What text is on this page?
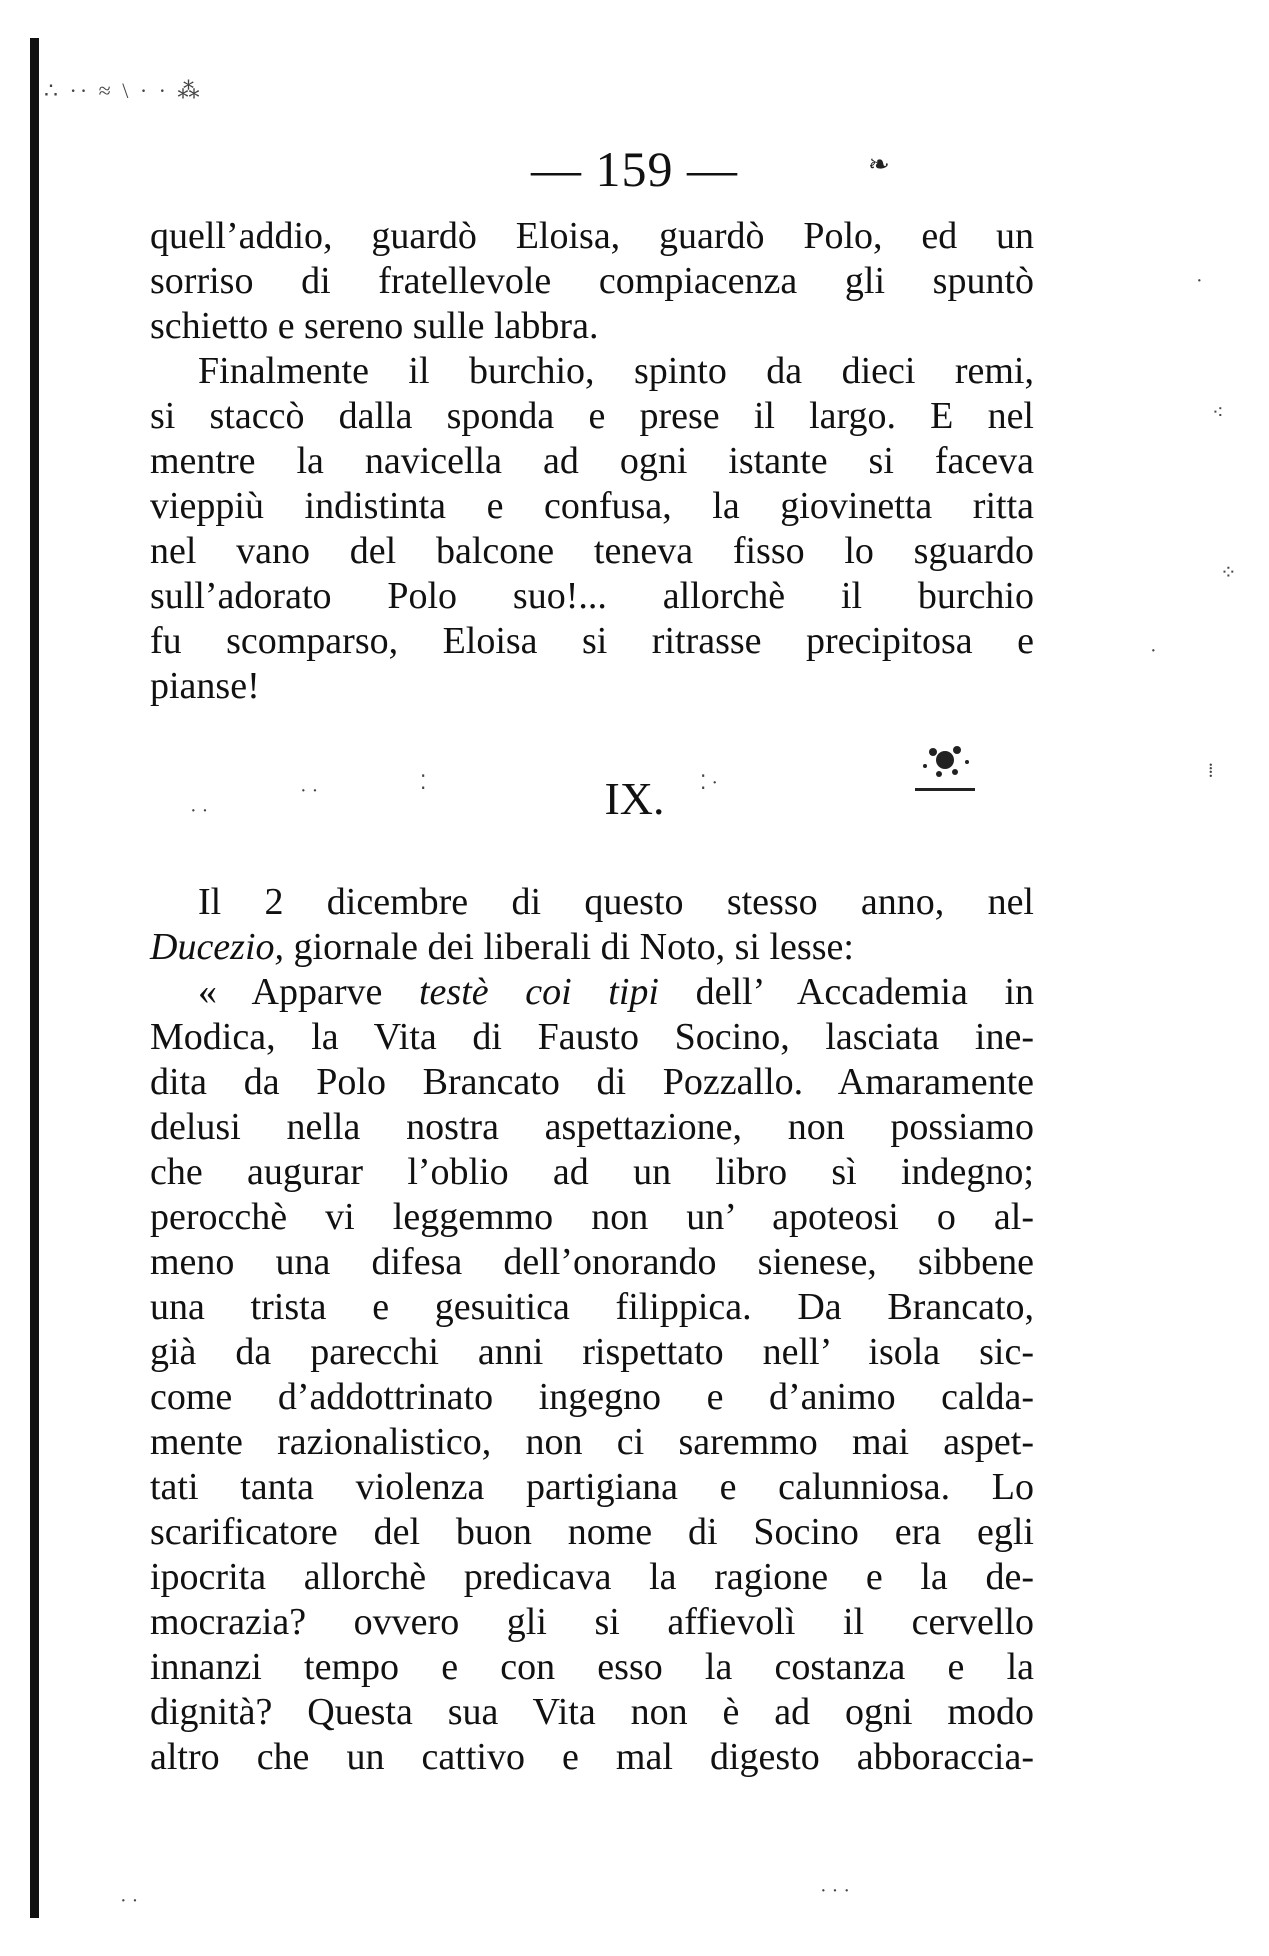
∴ ·· ≈ \ · · ⁂
— 159 —	❧
·
⁖
⁘
⁞
·
quell’addio, guardò Eloisa, guardò Polo, ed un
sorriso di fratellevole compiacenza gli spuntò
schietto e sereno sulle labbra.
Finalmente il burchio, spinto da dieci remi,
si staccò dalla sponda e prese il largo. E nel
mentre la navicella ad ogni istante si faceva
vieppiù indistinta e confusa, la giovinetta ritta
nel vano del balcone teneva fisso lo sguardo
sull’adorato Polo suo!... allorchè il burchio
fu scomparso, Eloisa si ritrasse precipitosa e
pianse!
IX.
· ·
· ·	⁚	⁚ ·
Il 2 dicembre di questo stesso anno, nel
Ducezio, giornale dei liberali di Noto, si lesse:
« Apparve testè coi tipi dell’ Accademia in
Modica, la Vita di Fausto Socino, lasciata ine-
dita da Polo Brancato di Pozzallo. Amaramente
delusi nella nostra aspettazione, non possiamo
che augurar l’oblio ad un libro sì indegno;
perocchè vi leggemmo non un’ apoteosi o al-
meno una difesa dell’onorando sienese, sibbene
una trista e gesuitica filippica. Da Brancato,
già da parecchi anni rispettato nell’ isola sic-
come d’addottrinato ingegno e d’animo calda-
mente razionalistico, non ci saremmo mai aspet-
tati tanta violenza partigiana e calunniosa. Lo
scarificatore del buon nome di Socino era egli
ipocrita allorchè predicava la ragione e la de-
mocrazia? ovvero gli si affievolì il cervello
innanzi tempo e con esso la costanza e la
dignità? Questa sua Vita non è ad ogni modo
altro che un cattivo e mal digesto abboraccia-
· ·	· · ·
